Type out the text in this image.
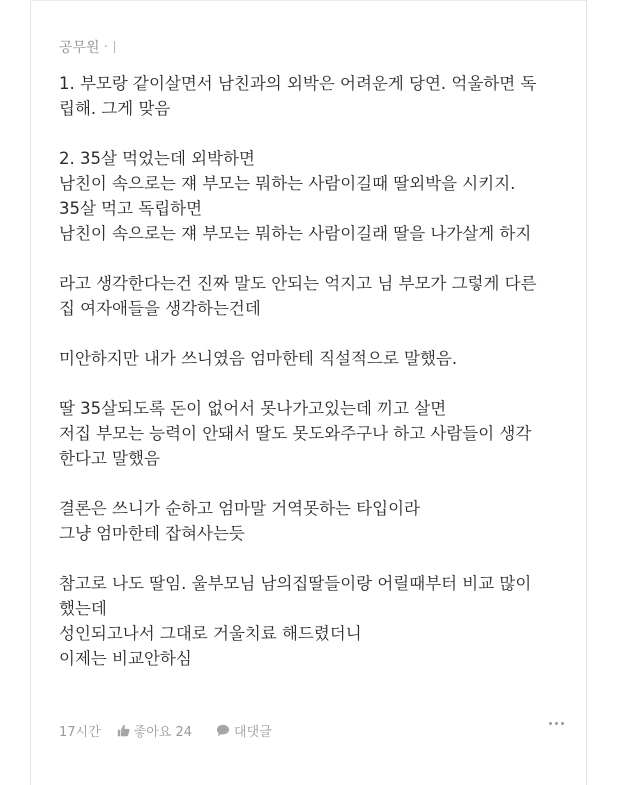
공무원 ·
1. 부모랑 같이살면서 남친과의 외박은 어려운게 당연. 억울하면 독
립해. 그게 맞음
2. 35살 먹었는데 외박하면
남친이 속으로는 쟤 부모는 뭐하는 사람이길때 딸외박을 시키지.
35살 먹고 독립하면
남친이 속으로는 쟤 부모는 뭐하는 사람이길래 딸을 나가살게 하지
라고 생각한다는건 진짜 말도 안되는 억지고 님 부모가 그렇게 다른
집 여자애들을 생각하는건데
미안하지만 내가 쓰니였음 엄마한테 직설적으로 말했음.
딸 35살되도록 돈이 없어서 못나가고있는데 끼고 살면
저집 부모는 능력이 안돼서 딸도 못도와주구나 하고 사람들이 생각
한다고 말했음
결론은 쓰니가 순하고 엄마말 거역못하는 타입이라
그냥 엄마한테 잡혀사는듯
참고로 나도 딸임. 울부모님 남의집딸들이랑 어릴때부터 비교 많이
했는데
성인되고나서 그대로 거울치료 해드렸더니
이제는 비교안하심
17시간	좋아요 24	대댓글
